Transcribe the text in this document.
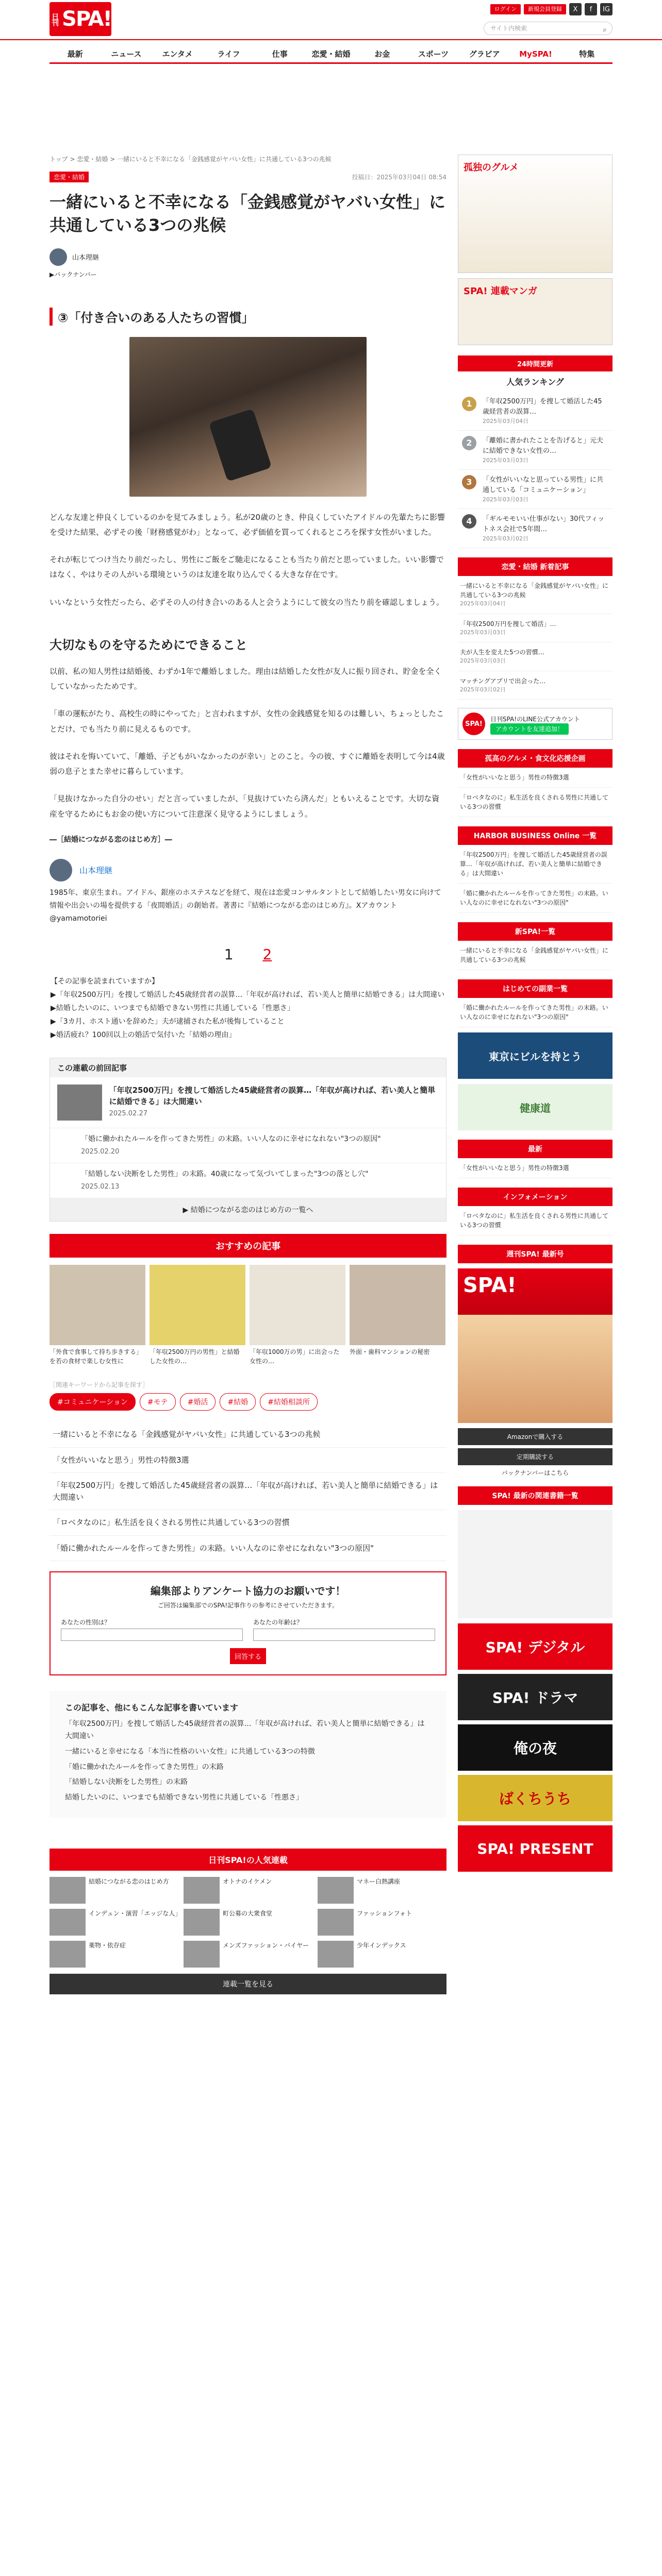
日刊 SPA!	ログイン	新規会員登録	X	f	IG
サイト内検索	⌕
最新	ニュース	エンタメ	ライフ	仕事	恋愛・結婚	お金	スポーツ	グラビア	MySPA!	特集
トップ > 恋愛・結婚 > 一緒にいると不幸になる「金銭感覚がヤバい女性」に共通している3つの兆候
恋愛・結婚	投稿日：2025年03月04日 08:54
一緒にいると不幸になる「金銭感覚がヤバい女性」に共通している3つの兆候
山本理継
▶バックナンバー
③「付き合いのある人たちの習慣」

どんな友達と仲良くしているのかを見てみましょう。私が20歳のとき、仲良くしていたアイドルの先輩たちに影響を受けた結果、必ずその後「財務感覚がわ」となって、必ず価値を買ってくれるところを探す女性がいました。

それが転じてつけ当たり前だったし、男性にご飯をご馳走になることも当たり前だと思っていました。いい影響ではなく、やはりその人がいる環境というのは友達を取り込んでくる大きな存在です。

いいなという女性だったら、必ずその人の付き合いのある人と会うようにして彼女の当たり前を確認しましょう。

大切なものを守るためにできること

以前、私の知人男性は結婚後、わずか1年で離婚しました。理由は結婚した女性が友人に振り回され、貯金を全くしていなかったためです。

「車の運転がたり、高校生の時にやってた」と言われますが、女性の金銭感覚を知るのは難しい、ちょっとしたことだけ、でも当たり前に見えるものです。

彼はそれを悔いていて、「離婚、子どもがいなかったのが幸い」とのこと。今の彼、すぐに離婚を表明して今は4歳弱の息子とまた幸せに暮らしています。

「見抜けなかった自分のせい」だと言っていましたが、「見抜けていたら済んだ」ともいえることです。大切な資産を守るためにもお金の使い方について注意深く見守るようにしましょう。

―［結婚につながる恋のはじめ方］―
山本理継
1985年、東京生まれ。アイドル、銀座のホステスなどを経て、現在は恋愛コンサルタントとして結婚したい男女に向けて情報や出会いの場を提供する「夜間婚活」の創始者。著書に『結婚につながる恋のはじめ方』。Xアカウント @yamamotoriei
1 2
【その記事を読まれていますか】
▶「年収2500万円」を捜して婚活した45歳経営者の誤算…「年収が高ければ、若い美人と簡単に結婚できる」は大間違い
▶結婚したいのに、いつまでも結婚できない男性に共通している「性悪さ」
▶「3カ月、ホスト通いを辞めた」夫が逮捕された私が後悔していること
▶婚活疲れ？100回以上の婚活で気付いた「結婚の理由」
この連載の前回記事
「年収2500万円」を捜して婚活した45歳経営者の誤算…「年収が高ければ、若い美人と簡単に結婚できる」は大間違い
2025.02.27
「婚に働かれたルールを作ってきた男性」の末路。いい人なのに幸せになれない"3つの原因"
2025.02.20
「結婚しない決断をした男性」の末路。40歳になって気づいてしまった"3つの落とし穴"
2025.02.13
▶ 結婚につながる恋のはじめ方の一覧へ
おすすめの記事
「外食で食事して持ち歩きする」を若の食材で楽しむ女性に
「年収2500万円の男性」と結婚した女性の…
「年収1000万の男」に出会った女性の…
外面・歯科マンションの秘密
［関連キーワードから記事を探す］
#コミュニケーション	#モテ	#婚活	#結婚	#結婚相談所
一緒にいると不幸になる「金銭感覚がヤバい女性」に共通している3つの兆候
「女性がいいなと思う」男性の特徴3選
「年収2500万円」を捜して婚活した45歳経営者の誤算…「年収が高ければ、若い美人と簡単に結婚できる」は大間違い
「ロベタなのに」私生活を良くされる男性に共通している3つの習慣
「婚に働かれたルールを作ってきた男性」の末路。いい人なのに幸せになれない"3つの原因"
編集部よりアンケート協力のお願いです！
ご回答は編集部でのSPA!記事作りの参考にさせていただきます。
あなたの性別は？	あなたの年齢は？
回答する
この記事を、他にもこんな記事を書いています
「年収2500万円」を捜して婚活した45歳経営者の誤算…「年収が高ければ、若い美人と簡単に結婚できる」は大間違い
一緒にいると幸せになる「本当に性格のいい女性」に共通している3つの特徴
「婚に働かれたルールを作ってきた男性」の末路
「結婚しない決断をした男性」の末路
結婚したいのに、いつまでも結婚できない男性に共通している「性悪さ」
日刊SPA!の人気連載
結婚につながる恋のはじめ方	オトナのイケメン	マネー白熱講座
インデュン・演習「エッジな人」	町公募の大衆食堂	ファッションフォト
薬物・依存症	メンズファッション・バイヤー	少年インデックス
連載一覧を見る
孤独のグルメ
SPA! 連載マンガ
24時間更新
人気ランキング
1	「年収2500万円」を捜して婚活した45歳経営者の誤算…
2025年03月04日
2	「離婚に書かれたことを告げると」元夫に結婚できない女性の…
2025年03月03日
3	「女性がいいなと思っている男性」に共通している「コミュニケーション」
2025年03月03日
4	「ギルモモいい仕事がない」30代フィットネス会社で5年間…
2025年03月02日
恋愛・結婚 新着記事
一緒にいると不幸になる「金銭感覚がヤバい女性」に共通している3つの兆候
2025年03月04日
「年収2500万円を捜して婚活」…
2025年03月03日
夫が人生を変えた5つの習慣…
2025年03月03日
マッチングアプリで出会った…
2025年03月02日
SPA!
日刊SPA!のLINE公式アカウント
アカウントを友達追加！
孤高のグルメ・食文化応援企画
「女性がいいなと思う」男性の特徴3選
「ロベタなのに」私生活を良くされる男性に共通している3つの習慣
HARBOR BUSINESS Online 一覧
「年収2500万円」を捜して婚活した45歳経営者の誤算…「年収が高ければ、若い美人と簡単に結婚できる」は大間違い
「婚に働かれたルールを作ってきた男性」の末路。いい人なのに幸せになれない"3つの原因"
新SPA!一覧
一緒にいると不幸になる「金銭感覚がヤバい女性」に共通している3つの兆候
はじめての副業一覧
「婚に働かれたルールを作ってきた男性」の末路。いい人なのに幸せになれない"3つの原因"
東京にビルを持とう
健康道
最新
「女性がいいなと思う」男性の特徴3選
インフォメーション
「ロベタなのに」私生活を良くされる男性に共通している3つの習慣
週刊SPA! 最新号
SPA!
Amazonで購入する
定期購読する
バックナンバーはこちら
SPA! 最新の関連書籍一覧
SPA! デジタル
SPA! ドラマ
俺の夜
ばくちうち
SPA! PRESENT
